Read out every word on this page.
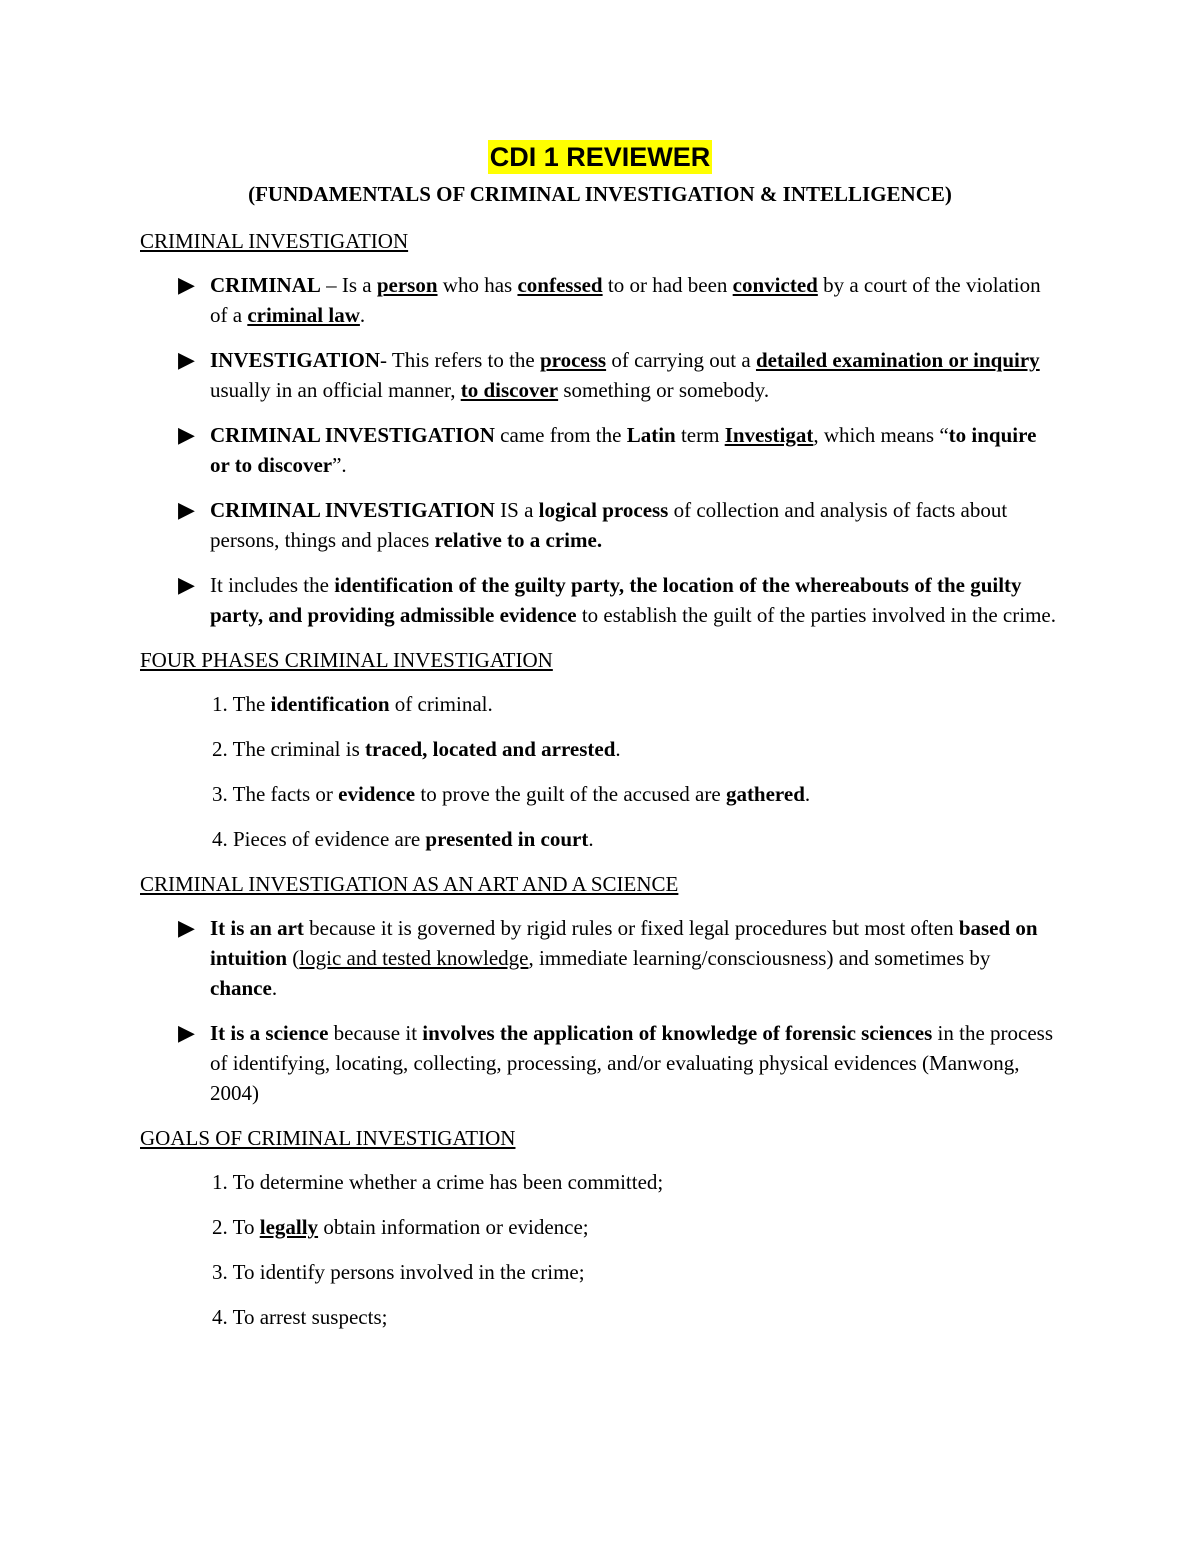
CDI 1 REVIEWER
(FUNDAMENTALS OF CRIMINAL INVESTIGATION & INTELLIGENCE)
CRIMINAL INVESTIGATION
▶ CRIMINAL – Is a person who has confessed to or had been convicted by a court of the violation of a criminal law.
▶ INVESTIGATION- This refers to the process of carrying out a detailed examination or inquiry usually in an official manner, to discover something or somebody.
▶ CRIMINAL INVESTIGATION came from the Latin term Investigat, which means “to inquire or to discover”.
▶ CRIMINAL INVESTIGATION IS a logical process of collection and analysis of facts about persons, things and places relative to a crime.
▶ It includes the identification of the guilty party, the location of the whereabouts of the guilty party, and providing admissible evidence to establish the guilt of the parties involved in the crime.
FOUR PHASES CRIMINAL INVESTIGATION
1. The identification of criminal.
2. The criminal is traced, located and arrested.
3. The facts or evidence to prove the guilt of the accused are gathered.
4. Pieces of evidence are presented in court.
CRIMINAL INVESTIGATION AS AN ART AND A SCIENCE
▶ It is an art because it is governed by rigid rules or fixed legal procedures but most often based on intuition (logic and tested knowledge, immediate learning/consciousness) and sometimes by chance.
▶ It is a science because it involves the application of knowledge of forensic sciences in the process of identifying, locating, collecting, processing, and/or evaluating physical evidences (Manwong, 2004)
GOALS OF CRIMINAL INVESTIGATION
1. To determine whether a crime has been committed;
2. To legally obtain information or evidence;
3. To identify persons involved in the crime;
4. To arrest suspects;
